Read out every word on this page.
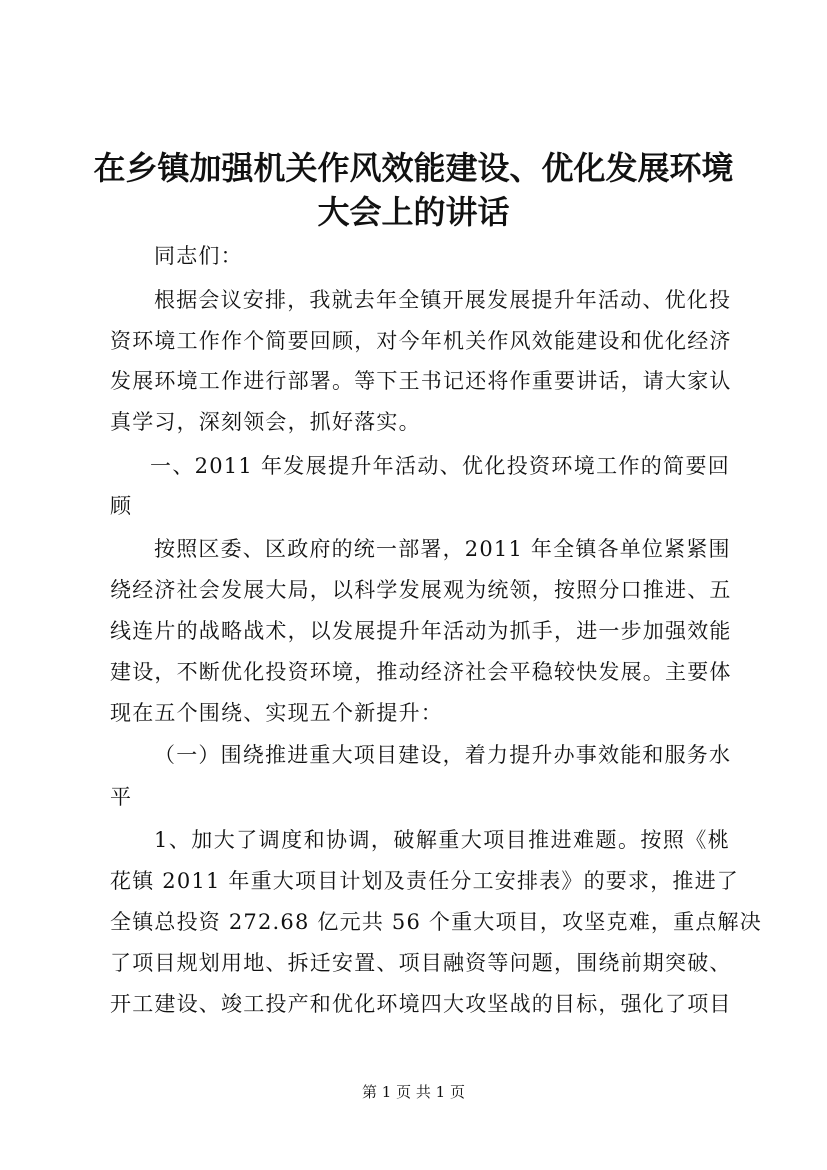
在乡镇加强机关作风效能建设、优化发展环境
大会上的讲话
同志们：
根据会议安排，我就去年全镇开展发展提升年活动、优化投
资环境工作作个简要回顾，对今年机关作风效能建设和优化经济
发展环境工作进行部署。等下王书记还将作重要讲话，请大家认
真学习，深刻领会，抓好落实。
一、2011 年发展提升年活动、优化投资环境工作的简要回
顾
按照区委、区政府的统一部署，2011 年全镇各单位紧紧围
绕经济社会发展大局，以科学发展观为统领，按照分口推进、五
线连片的战略战术，以发展提升年活动为抓手，进一步加强效能
建设，不断优化投资环境，推动经济社会平稳较快发展。主要体
现在五个围绕、实现五个新提升：
（一）围绕推进重大项目建设，着力提升办事效能和服务水
平
1、加大了调度和协调，破解重大项目推进难题。按照《桃
花镇 2011 年重大项目计划及责任分工安排表》的要求，推进了
全镇总投资 272.68 亿元共 56 个重大项目，攻坚克难，重点解决
了项目规划用地、拆迁安置、项目融资等问题，围绕前期突破、
开工建设、竣工投产和优化环境四大攻坚战的目标，强化了项目
第 1 页 共 1 页
